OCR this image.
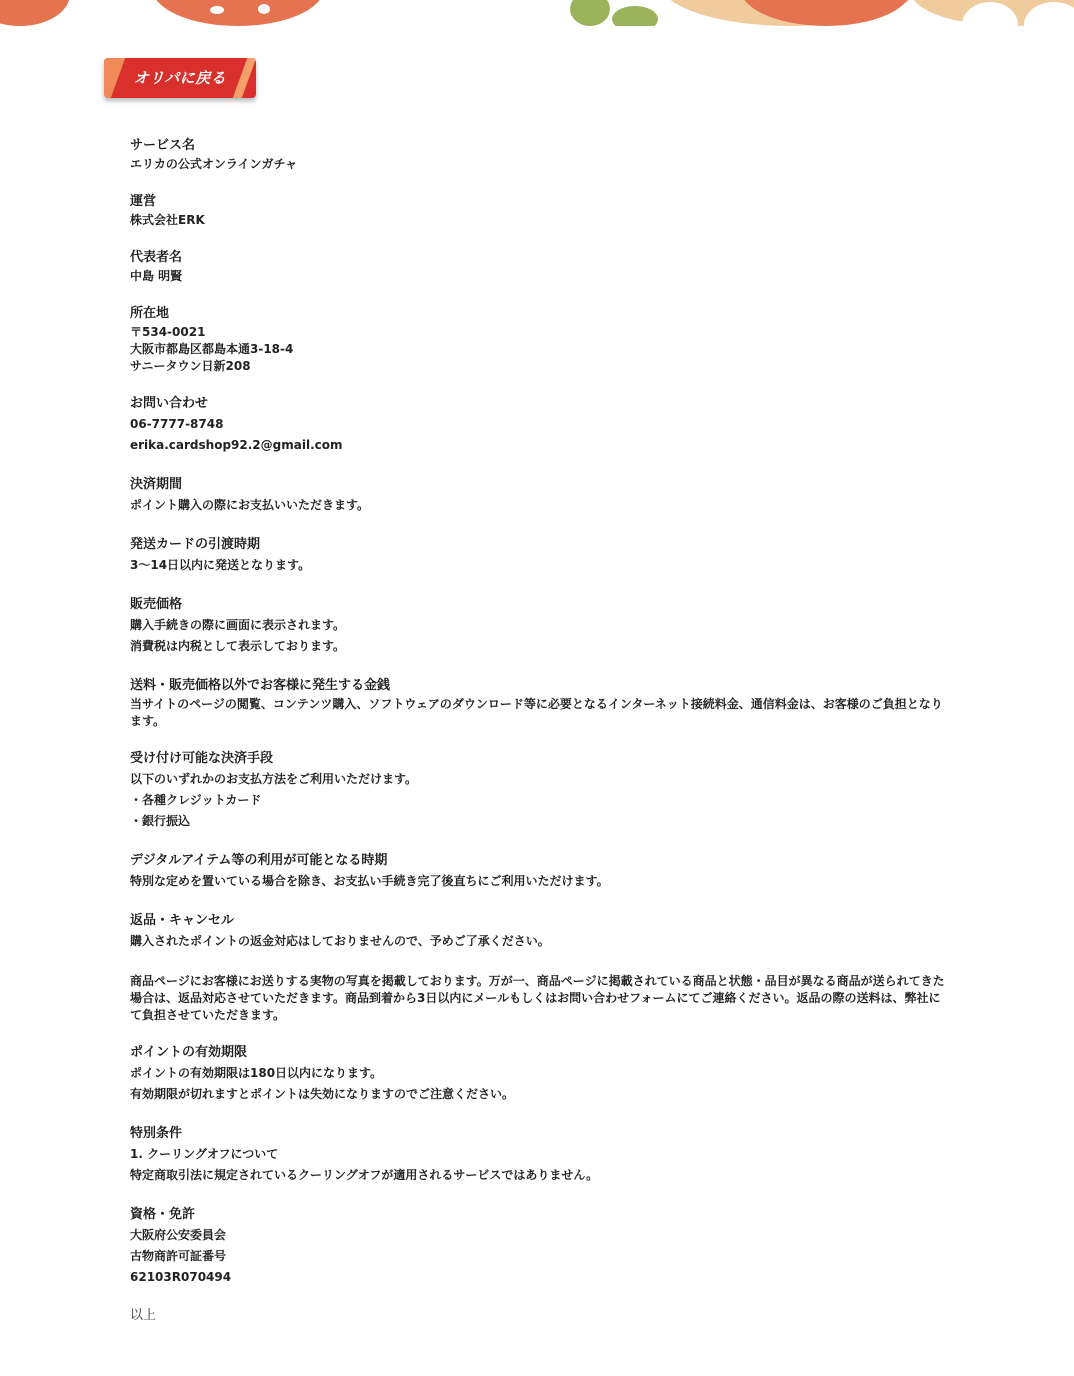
オリパに戻る
サービス名
エリカの公式オンラインガチャ
運営
株式会社ERK
代表者名
中島 明賢
所在地
〒534-0021
大阪市都島区都島本通3-18-4
サニータウン日新208
お問い合わせ
06-7777-8748
erika.cardshop92.2@gmail.com
決済期間
ポイント購入の際にお支払いいただきます。
発送カードの引渡時期
3〜14日以内に発送となります。
販売価格
購入手続きの際に画面に表示されます。
消費税は内税として表示しております。
送料・販売価格以外でお客様に発生する金銭
当サイトのページの閲覧、コンテンツ購入、ソフトウェアのダウンロード等に必要となるインターネット接続料金、通信料金は、お客様のご負担となります。
受け付け可能な決済手段
以下のいずれかのお支払方法をご利用いただけます。
・各種クレジットカード
・銀行振込
デジタルアイテム等の利用が可能となる時期
特別な定めを置いている場合を除き、お支払い手続き完了後直ちにご利用いただけます。
返品・キャンセル
購入されたポイントの返金対応はしておりませんので、予めご了承ください。
商品ページにお客様にお送りする実物の写真を掲載しております。万が一、商品ページに掲載されている商品と状態・品目が異なる商品が送られてきた場合は、返品対応させていただきます。商品到着から3日以内にメールもしくはお問い合わせフォームにてご連絡ください。返品の際の送料は、弊社にて負担させていただきます。
ポイントの有効期限
ポイントの有効期限は180日以内になります。
有効期限が切れますとポイントは失効になりますのでご注意ください。
特別条件
1. クーリングオフについて
特定商取引法に規定されているクーリングオフが適用されるサービスではありません。
資格・免許
大阪府公安委員会
古物商許可証番号
62103R070494
以上
